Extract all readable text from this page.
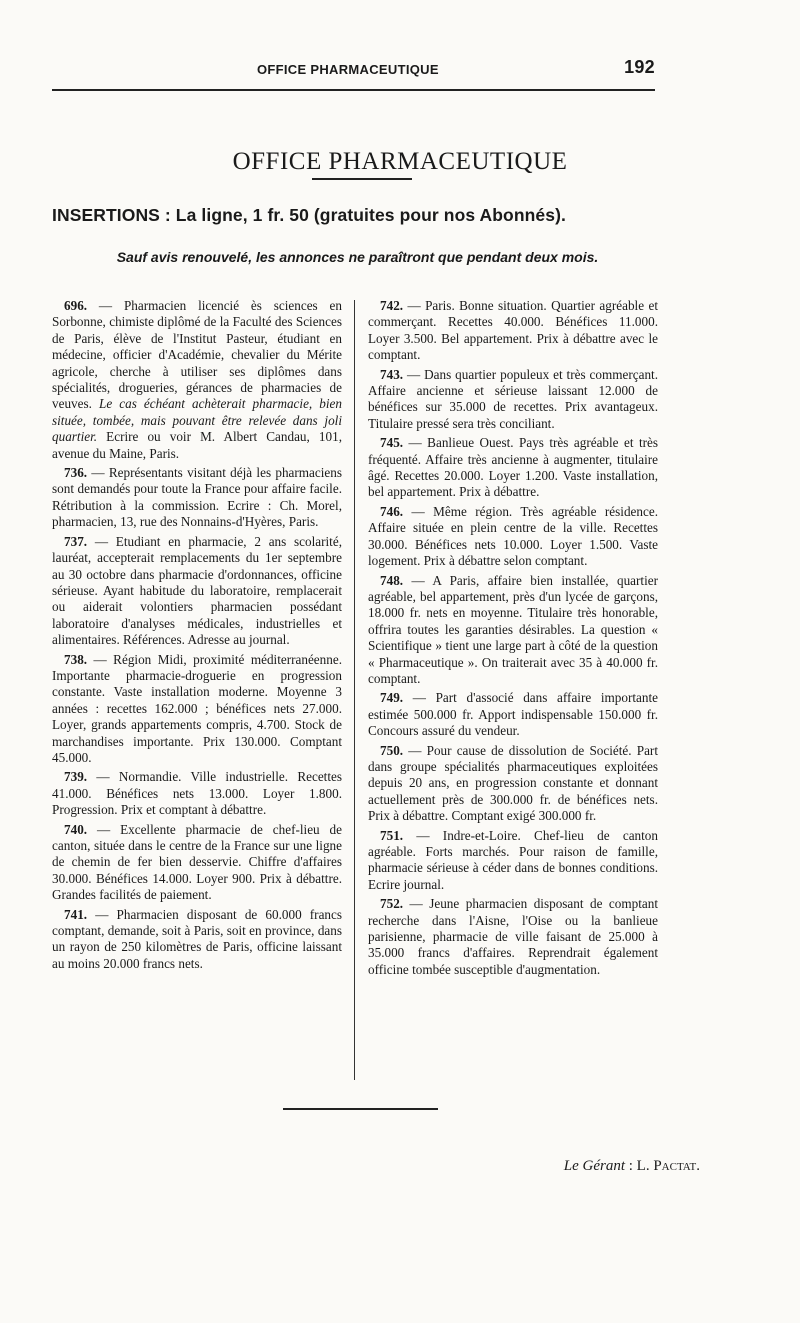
OFFICE PHARMACEUTIQUE	192
OFFICE PHARMACEUTIQUE
INSERTIONS : La ligne, 1 fr. 50 (gratuites pour nos Abonnés).
Sauf avis renouvelé, les annonces ne paraîtront que pendant deux mois.

696. — Pharmacien licencié ès sciences en Sorbonne, chimiste diplômé de la Faculté des Sciences de Paris, élève de l'Institut Pasteur, étudiant en médecine, officier d'Académie, chevalier du Mérite agricole, cherche à utiliser ses diplômes dans spécialités, drogueries, gérances de pharmacies de veuves. Le cas échéant achèterait pharmacie, bien située, tombée, mais pouvant être relevée dans joli quartier. Ecrire ou voir M. Albert Candau, 101, avenue du Maine, Paris.

736. — Représentants visitant déjà les pharmaciens sont demandés pour toute la France pour affaire facile. Rétribution à la commission. Ecrire : Ch. Morel, pharmacien, 13, rue des Nonnains-d'Hyères, Paris.

737. — Etudiant en pharmacie, 2 ans scolarité, lauréat, accepterait remplacements du 1er septembre au 30 octobre dans pharmacie d'ordonnances, officine sérieuse. Ayant habitude du laboratoire, remplacerait ou aiderait volontiers pharmacien possédant laboratoire d'analyses médicales, industrielles et alimentaires. Références. Adresse au journal.

738. — Région Midi, proximité méditerranéenne. Importante pharmacie-droguerie en progression constante. Vaste installation moderne. Moyenne 3 années : recettes 162.000 ; bénéfices nets 27.000. Loyer, grands appartements compris, 4.700. Stock de marchandises importante. Prix 130.000. Comptant 45.000.

739. — Normandie. Ville industrielle. Recettes 41.000. Bénéfices nets 13.000. Loyer 1.800. Progression. Prix et comptant à débattre.

740. — Excellente pharmacie de chef-lieu de canton, située dans le centre de la France sur une ligne de chemin de fer bien desservie. Chiffre d'affaires 30.000. Bénéfices 14.000. Loyer 900. Prix à débattre. Grandes facilités de paiement.

741. — Pharmacien disposant de 60.000 francs comptant, demande, soit à Paris, soit en province, dans un rayon de 250 kilomètres de Paris, officine laissant au moins 20.000 francs nets.

742. — Paris. Bonne situation. Quartier agréable et commerçant. Recettes 40.000. Bénéfices 11.000. Loyer 3.500. Bel appartement. Prix à débattre avec le comptant.

743. — Dans quartier populeux et très commerçant. Affaire ancienne et sérieuse laissant 12.000 de bénéfices sur 35.000 de recettes. Prix avantageux. Titulaire pressé sera très conciliant.

745. — Banlieue Ouest. Pays très agréable et très fréquenté. Affaire très ancienne à augmenter, titulaire âgé. Recettes 20.000. Loyer 1.200. Vaste installation, bel appartement. Prix à débattre.

746. — Même région. Très agréable résidence. Affaire située en plein centre de la ville. Recettes 30.000. Bénéfices nets 10.000. Loyer 1.500. Vaste logement. Prix à débattre selon comptant.

748. — A Paris, affaire bien installée, quartier agréable, bel appartement, près d'un lycée de garçons, 18.000 fr. nets en moyenne. Titulaire très honorable, offrira toutes les garanties désirables. La question « Scientifique » tient une large part à côté de la question « Pharmaceutique ». On traiterait avec 35 à 40.000 fr. comptant.

749. — Part d'associé dans affaire importante estimée 500.000 fr. Apport indispensable 150.000 fr. Concours assuré du vendeur.

750. — Pour cause de dissolution de Société. Part dans groupe spécialités pharmaceutiques exploitées depuis 20 ans, en progression constante et donnant actuellement près de 300.000 fr. de bénéfices nets. Prix à débattre. Comptant exigé 300.000 fr.

751. — Indre-et-Loire. Chef-lieu de canton agréable. Forts marchés. Pour raison de famille, pharmacie sérieuse à céder dans de bonnes conditions. Ecrire journal.

752. — Jeune pharmacien disposant de comptant recherche dans l'Aisne, l'Oise ou la banlieue parisienne, pharmacie de ville faisant de 25.000 à 35.000 francs d'affaires. Reprendrait également officine tombée susceptible d'augmentation.

Le Gérant : L. Pactat.
